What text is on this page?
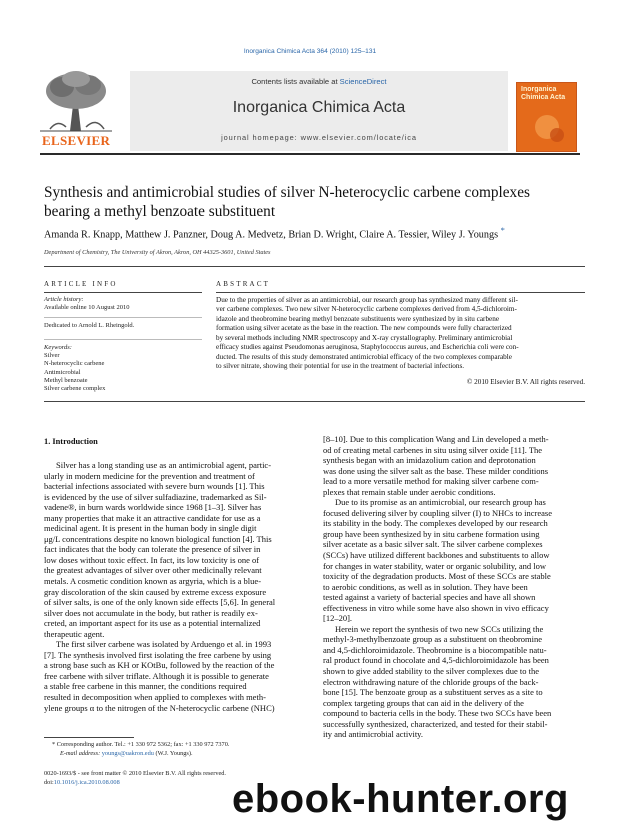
Inorganica Chimica Acta 364 (2010) 125–131
ELSEVIER
Contents lists available at ScienceDirect
Inorganica Chimica Acta
journal homepage: www.elsevier.com/locate/ica
Inorganica Chimica Acta
Synthesis and antimicrobial studies of silver N-heterocyclic carbene complexes bearing a methyl benzoate substituent
Amanda R. Knapp, Matthew J. Panzner, Doug A. Medvetz, Brian D. Wright, Claire A. Tessier, Wiley J. Youngs *
Department of Chemistry, The University of Akron, Akron, OH 44325-3601, United States
ARTICLE INFO
Article history:
Available online 10 August 2010
Dedicated to Arnold L. Rheingold.
Keywords:
Silver
N-heterocyclic carbene
Antimicrobial
Methyl benzoate
Silver carbene complex
ABSTRACT
Due to the properties of silver as an antimicrobial, our research group has synthesized many different sil-
ver carbene complexes. Two new silver N-heterocyclic carbene complexes derived from 4,5-dichloroim-
idazole and theobromine bearing methyl benzoate substituents were synthesized by in situ carbene
formation using silver acetate as the base in the reaction. The new compounds were fully characterized
by several methods including NMR spectroscopy and X-ray crystallography. Preliminary antimicrobial
efficacy studies against Pseudomonas aeruginosa, Staphylococcus aureus, and Escherichia coli were con-
ducted. The results of this study demonstrated antimicrobial efficacy of the two complexes comparable
to silver nitrate, showing their potential for use in the treatment of bacterial infections.
© 2010 Elsevier B.V. All rights reserved.
1. Introduction
Silver has a long standing use as an antimicrobial agent, partic-
ularly in modern medicine for the prevention and treatment of
bacterial infections associated with severe burn wounds [1]. This
is evidenced by the use of silver sulfadiazine, trademarked as Sil-
vadene®, in burn wards worldwide since 1968 [1–3]. Silver has
many properties that make it an attractive candidate for use as a
medicinal agent. It is present in the human body in single digit
μg/L concentrations despite no known biological function [4]. This
fact indicates that the body can tolerate the presence of silver in
low doses without toxic effect. In fact, its low toxicity is one of
the greatest advantages of silver over other medicinally relevant
metals. A cosmetic condition known as argyria, which is a blue-
gray discoloration of the skin caused by extreme excess exposure
of silver salts, is one of the only known side effects [5,6]. In general
silver does not accumulate in the body, but rather is readily ex-
creted, an important aspect for its use as a potential internalized
therapeutic agent.
The first silver carbene was isolated by Arduengo et al. in 1993
[7]. The synthesis involved first isolating the free carbene by using
a strong base such as KH or KOtBu, followed by the reaction of the
free carbene with silver triflate. Although it is possible to generate
a stable free carbene in this manner, the conditions required
resulted in decomposition when applied to complexes with meth-
ylene groups α to the nitrogen of the N-heterocyclic carbene (NHC)
[8–10]. Due to this complication Wang and Lin developed a meth-
od of creating metal carbenes in situ using silver oxide [11]. The
synthesis began with an imidazolium cation and deprotonation
was done using the silver salt as the base. These milder conditions
lead to a more versatile method for making silver carbene com-
plexes that remain stable under aerobic conditions.
Due to its promise as an antimicrobial, our research group has
focused delivering silver by coupling silver (I) to NHCs to increase
its stability in the body. The complexes developed by our research
group have been synthesized by in situ carbene formation using
silver acetate as a basic silver salt. The silver carbene complexes
(SCCs) have utilized different backbones and substituents to allow
for changes in water stability, water or organic solubility, and low
toxicity of the degradation products. Most of these SCCs are stable
to aerobic conditions, as well as in solution. They have been
tested against a variety of bacterial species and have all shown
effectiveness in vitro while some have also shown in vivo efficacy
[12–20].
Herein we report the synthesis of two new SCCs utilizing the
methyl-3-methylbenzoate group as a substituent on theobromine
and 4,5-dichloroimidazole. Theobromine is a biocompatible natu-
ral product found in chocolate and 4,5-dichloroimidazole has been
shown to give added stability to the silver complexes due to the
electron withdrawing nature of the chloride groups of the back-
bone [15]. The benzoate group as a substituent serves as a site to
complex targeting groups that can aid in the delivery of the
compound to bacteria cells in the body. These two SCCs have been
successfully synthesized, characterized, and tested for their stabil-
ity and antimicrobial activity.
* Corresponding author. Tel.: +1 330 972 5362; fax: +1 330 972 7370.
E-mail address: youngs@uakron.edu (W.J. Youngs).
0020-1693/$ - see front matter © 2010 Elsevier B.V. All rights reserved.
doi:10.1016/j.ica.2010.08.008	ebook-hunter.org
